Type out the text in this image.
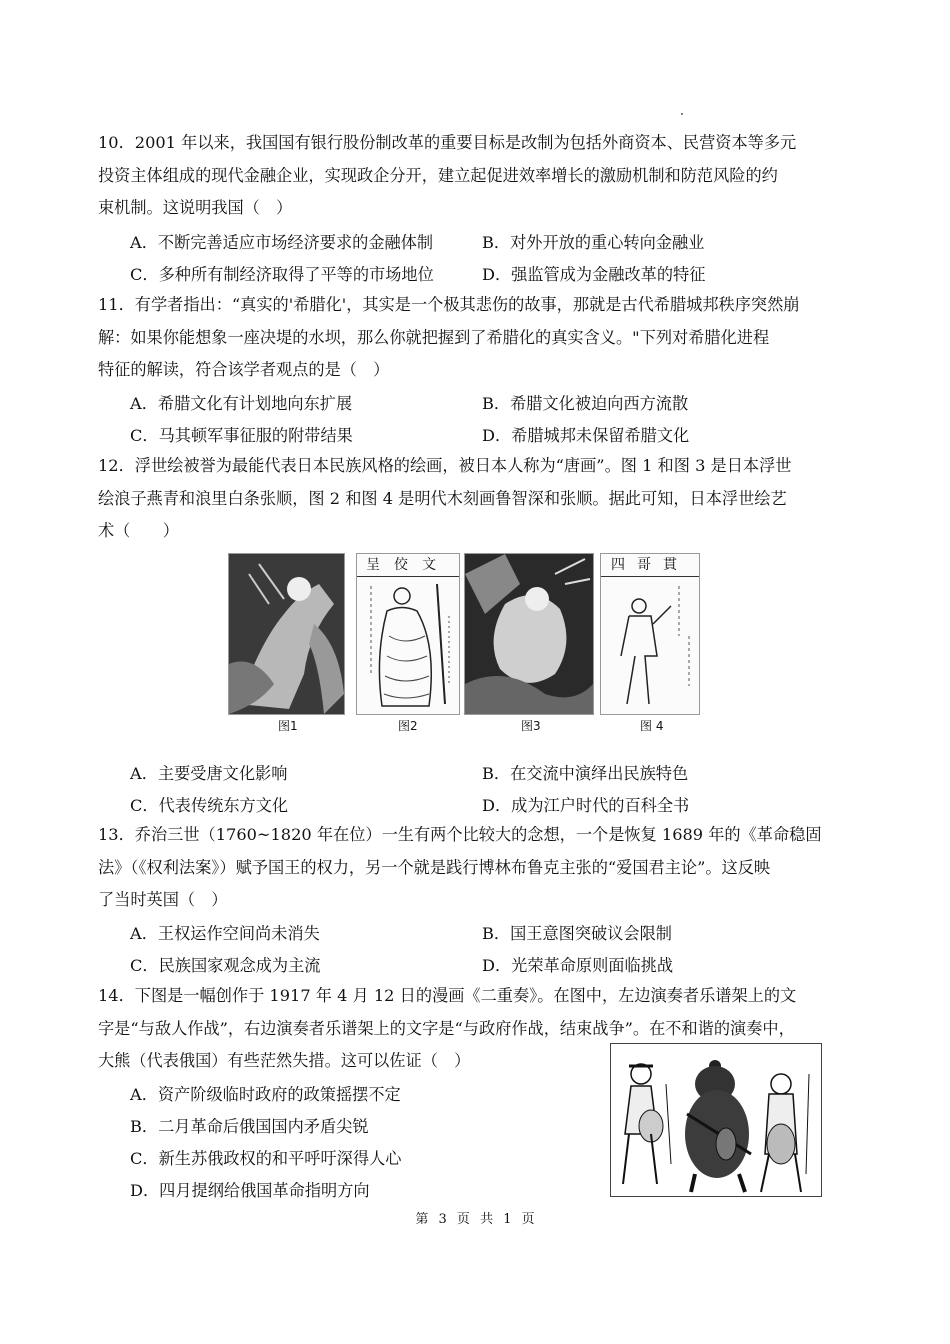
10．2001 年以来，我国国有银行股份制改革的重要目标是改制为包括外商资本、民营资本等多元
投资主体组成的现代金融企业，实现政企分开，建立起促进效率增长的激励机制和防范风险的约
束机制。这说明我国（　）
A．不断完善适应市场经济要求的金融体制	B．对外开放的重心转向金融业
C．多种所有制经济取得了平等的市场地位	D．强监管成为金融改革的特征
11．有学者指出：“真实的'希腊化'，其实是一个极其悲伤的故事，那就是古代希腊城邦秩序突然崩
解：如果你能想象一座决堤的水坝，那么你就把握到了希腊化的真实含义。"下列对希腊化进程
特征的解读，符合该学者观点的是（　）
A．希腊文化有计划地向东扩展	B．希腊文化被迫向西方流散
C．马其顿军事征服的附带结果	D．希腊城邦未保留希腊文化
12．浮世绘被誉为最能代表日本民族风格的绘画，被日本人称为“唐画”。图 1 和图 3 是日本浮世
绘浪子燕青和浪里白条张顺，图 2 和图 4 是明代木刻画鲁智深和张顺。据此可知，日本浮世绘艺
术（　　）
图1
呈佼文
图2	图3
四哥貫
图 4
A．主要受唐文化影响	B．在交流中演绎出民族特色
C．代表传统东方文化	D．成为江户时代的百科全书
13．乔治三世（1760~1820 年在位）一生有两个比较大的念想，一个是恢复 1689 年的《革命稳固
法》（《权利法案》）赋予国王的权力，另一个就是践行博林布鲁克主张的“爱国君主论”。这反映
了当时英国（　）
A．王权运作空间尚未消失	B．国王意图突破议会限制
C．民族国家观念成为主流	D．光荣革命原则面临挑战
14．下图是一幅创作于 1917 年 4 月 12 日的漫画《二重奏》。在图中，左边演奏者乐谱架上的文
字是“与敌人作战”，右边演奏者乐谱架上的文字是“与政府作战，结束战争”。在不和谐的演奏中，
大熊（代表俄国）有些茫然失措。这可以佐证（　）
A．资产阶级临时政府的政策摇摆不定
B．二月革命后俄国国内矛盾尖锐
C．新生苏俄政权的和平呼吁深得人心
D．四月提纲给俄国革命指明方向
第 3 页 共 1 页
